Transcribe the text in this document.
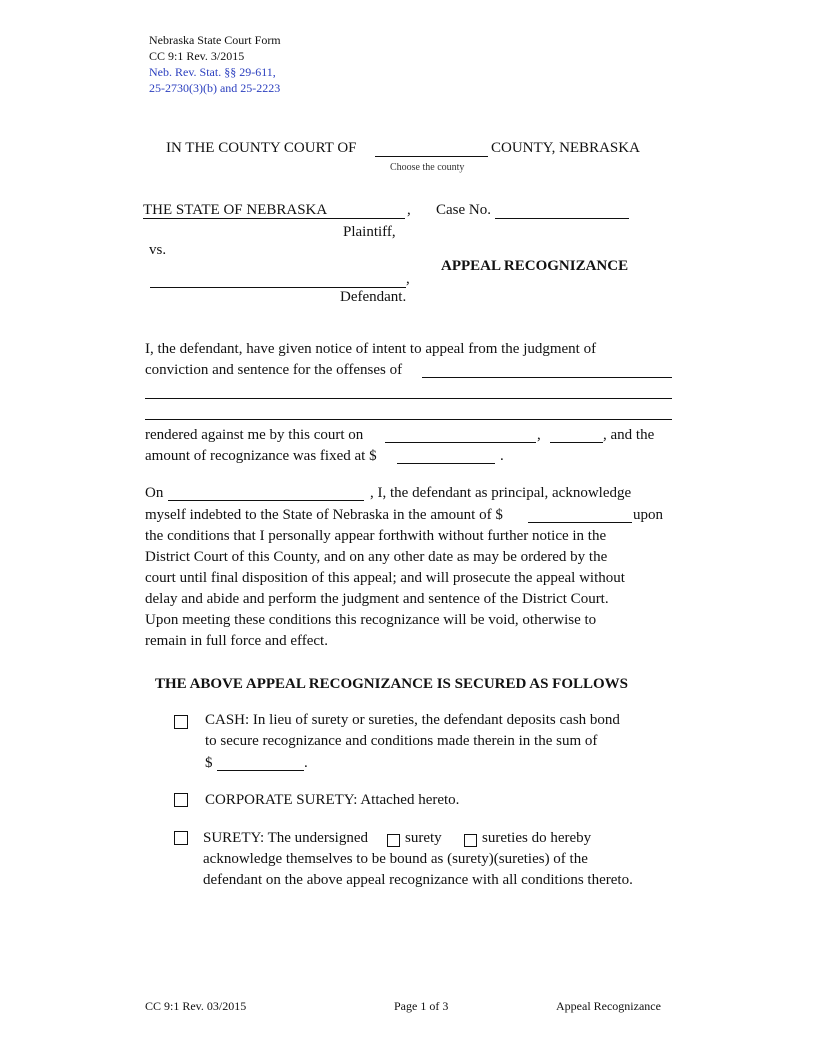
Nebraska State Court Form
CC 9:1 Rev. 3/2015
Neb. Rev. Stat. §§ 29-611,
25-2730(3)(b) and 25-2223
IN THE COUNTY COURT OF	COUNTY, NEBRASKA
Choose the county
THE STATE OF NEBRASKA	, Case No.
Plaintiff,
vs.
APPEAL RECOGNIZANCE
,
Defendant.
I, the defendant, have given notice of intent to appeal from the judgment of
conviction and sentence for the offenses of
rendered against me by this court on	,	, and the
amount of recognizance was fixed at $	.
On	, I, the defendant as principal, acknowledge
myself indebted to the State of Nebraska in the amount of $	upon
the conditions that I personally appear forthwith without further notice in the
District Court of this County, and on any other date as may be ordered by the
court until final disposition of this appeal; and will prosecute the appeal without
delay and abide and perform the judgment and sentence of the District Court.
Upon meeting these conditions this recognizance will be void, otherwise to
remain in full force and effect.
THE ABOVE APPEAL RECOGNIZANCE IS SECURED AS FOLLOWS
CASH: In lieu of surety or sureties, the defendant deposits cash bond
to secure recognizance and conditions made therein in the sum of
$	.
CORPORATE SURETY: Attached hereto.
SURETY: The undersigned surety	sureties do hereby
acknowledge themselves to be bound as (surety)(sureties) of the
defendant on the above appeal recognizance with all conditions thereto.
CC 9:1 Rev. 03/2015	Page 1 of 3	Appeal Recognizance
